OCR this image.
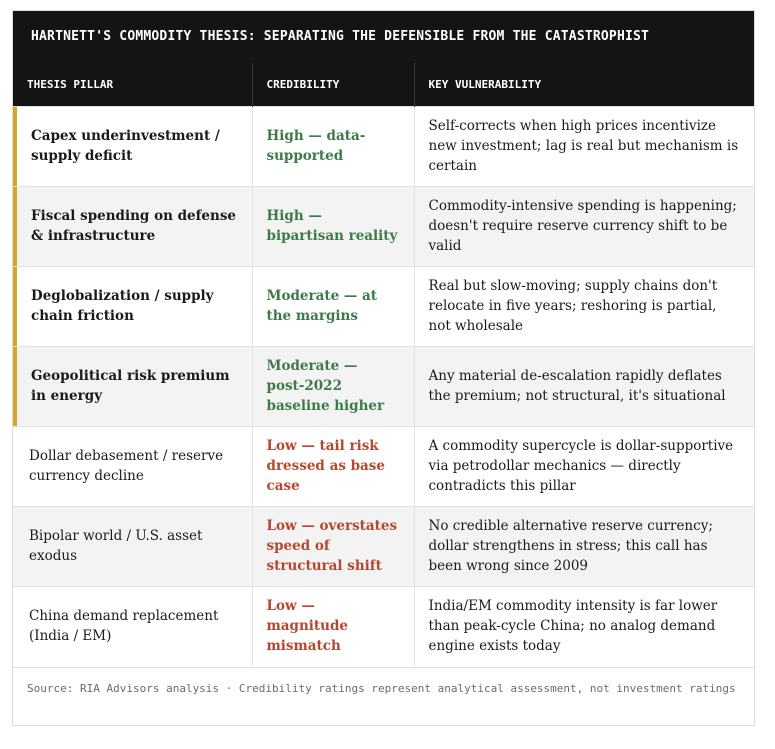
HARTNETT'S COMMODITY THESIS: SEPARATING THE DEFENSIBLE FROM THE CATASTROPHIST
THESIS PILLAR	CREDIBILITY	KEY VULNERABILITY
Capex underinvestment / supply deficit	High — data-supported	Self-corrects when high prices incentivize new investment; lag is real but mechanism is certain
Fiscal spending on defense & infrastructure	High — bipartisan reality	Commodity-intensive spending is happening; doesn't require reserve currency shift to be valid
Deglobalization / supply chain friction	Moderate — at the margins	Real but slow-moving; supply chains don't relocate in five years; reshoring is partial, not wholesale
Geopolitical risk premium in energy	Moderate — post-2022 baseline higher	Any material de-escalation rapidly deflates the premium; not structural, it's situational
Dollar debasement / reserve currency decline	Low — tail risk dressed as base case	A commodity supercycle is dollar-supportive via petrodollar mechanics — directly contradicts this pillar
Bipolar world / U.S. asset exodus	Low — overstates speed of structural shift	No credible alternative reserve currency; dollar strengthens in stress; this call has been wrong since 2009
China demand replacement (India / EM)	Low — magnitude mismatch	India/EM commodity intensity is far lower than peak-cycle China; no analog demand engine exists today
Source: RIA Advisors analysis · Credibility ratings represent analytical assessment, not investment ratings
